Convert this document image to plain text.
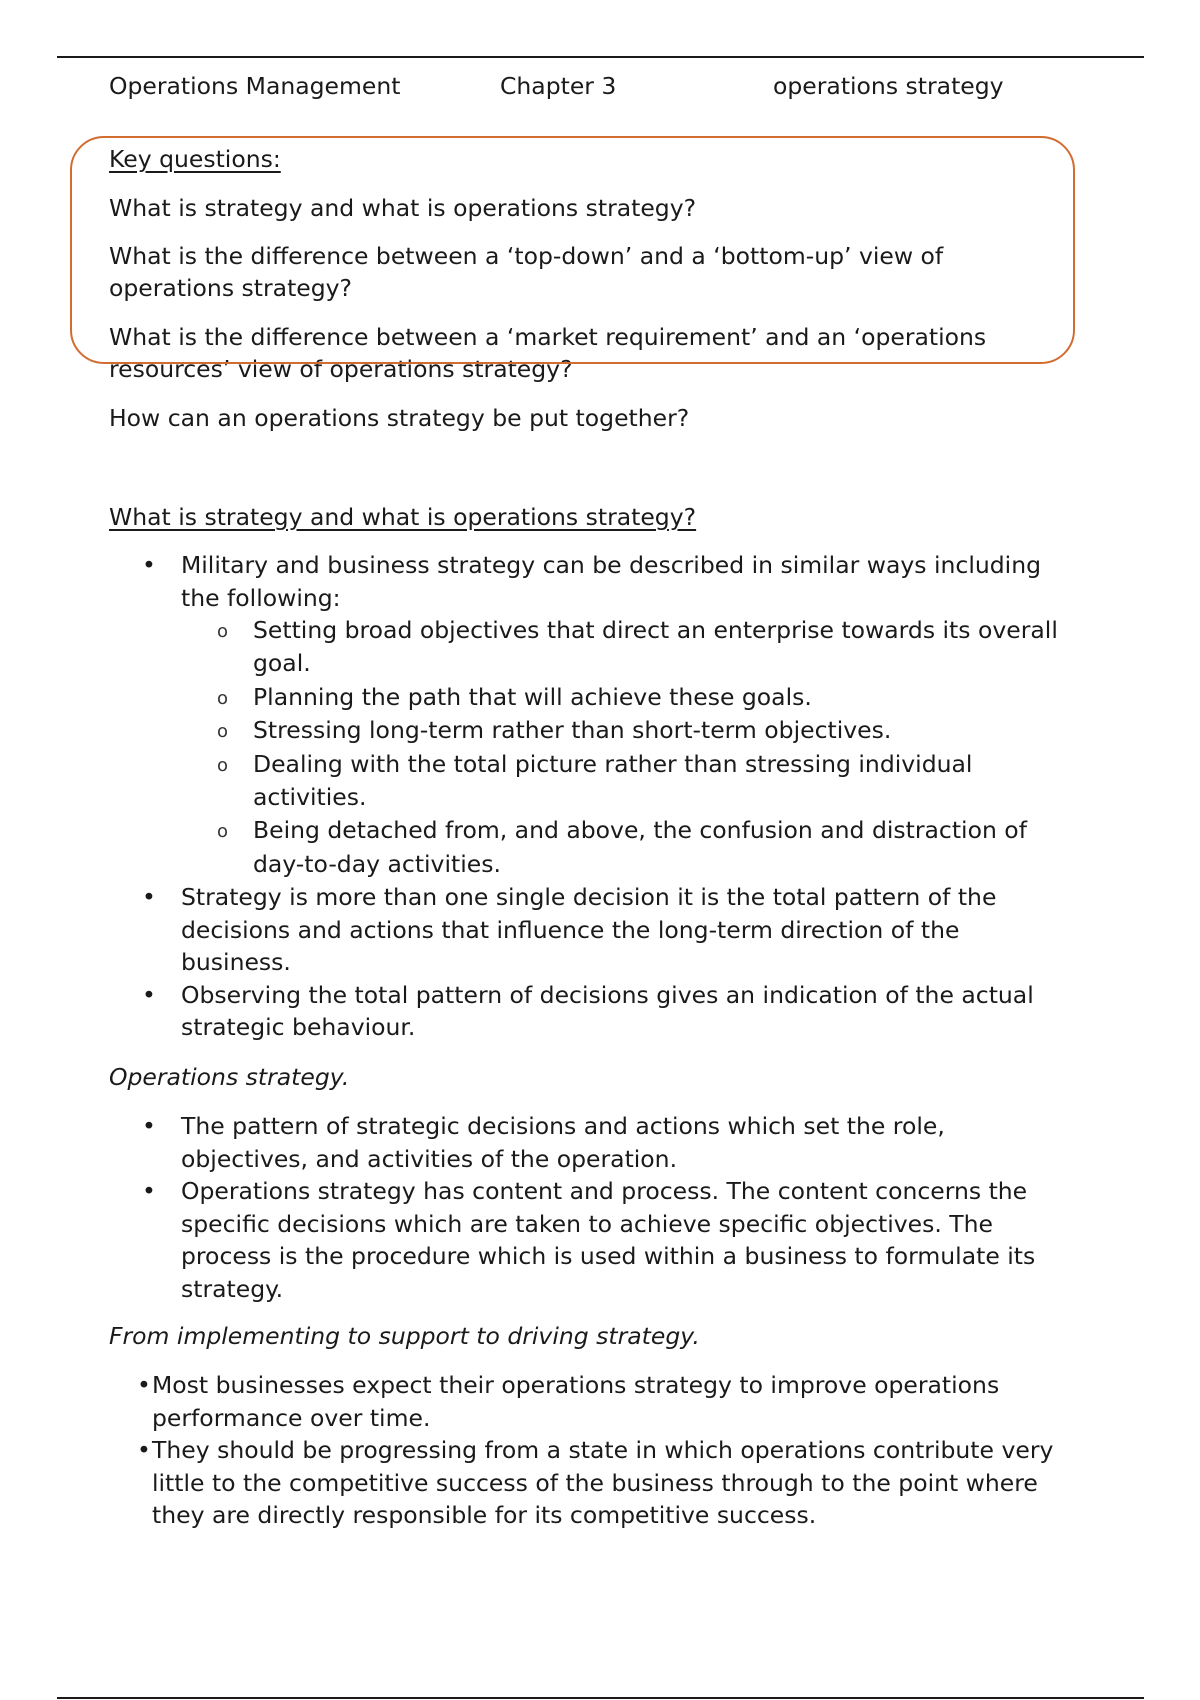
Operations Management	Chapter 3	operations strategy

Key questions:

What is strategy and what is operations strategy?

What is the difference between a ‘top-down’ and a ‘bottom-up’ view of

operations strategy?

What is the difference between a ‘market requirement’ and an ‘operations

resources’ view of operations strategy?

How can an operations strategy be put together?

What is strategy and what is operations strategy?

• Military and business strategy can be described in similar ways including
the following:
o Setting broad objectives that direct an enterprise towards its overall
goal.
o Planning the path that will achieve these goals.
o Stressing long-term rather than short-term objectives.
o Dealing with the total picture rather than stressing individual
activities.
o Being detached from, and above, the confusion and distraction of
day-to-day activities.
• Strategy is more than one single decision it is the total pattern of the
decisions and actions that influence the long-term direction of the
business.
• Observing the total pattern of decisions gives an indication of the actual
strategic behaviour.

Operations strategy.

• The pattern of strategic decisions and actions which set the role,
objectives, and activities of the operation.
• Operations strategy has content and process. The content concerns the
specific decisions which are taken to achieve specific objectives. The
process is the procedure which is used within a business to formulate its
strategy.

From implementing to support to driving strategy.

• Most businesses expect their operations strategy to improve operations
performance over time.
• They should be progressing from a state in which operations contribute very
little to the competitive success of the business through to the point where
they are directly responsible for its competitive success.
